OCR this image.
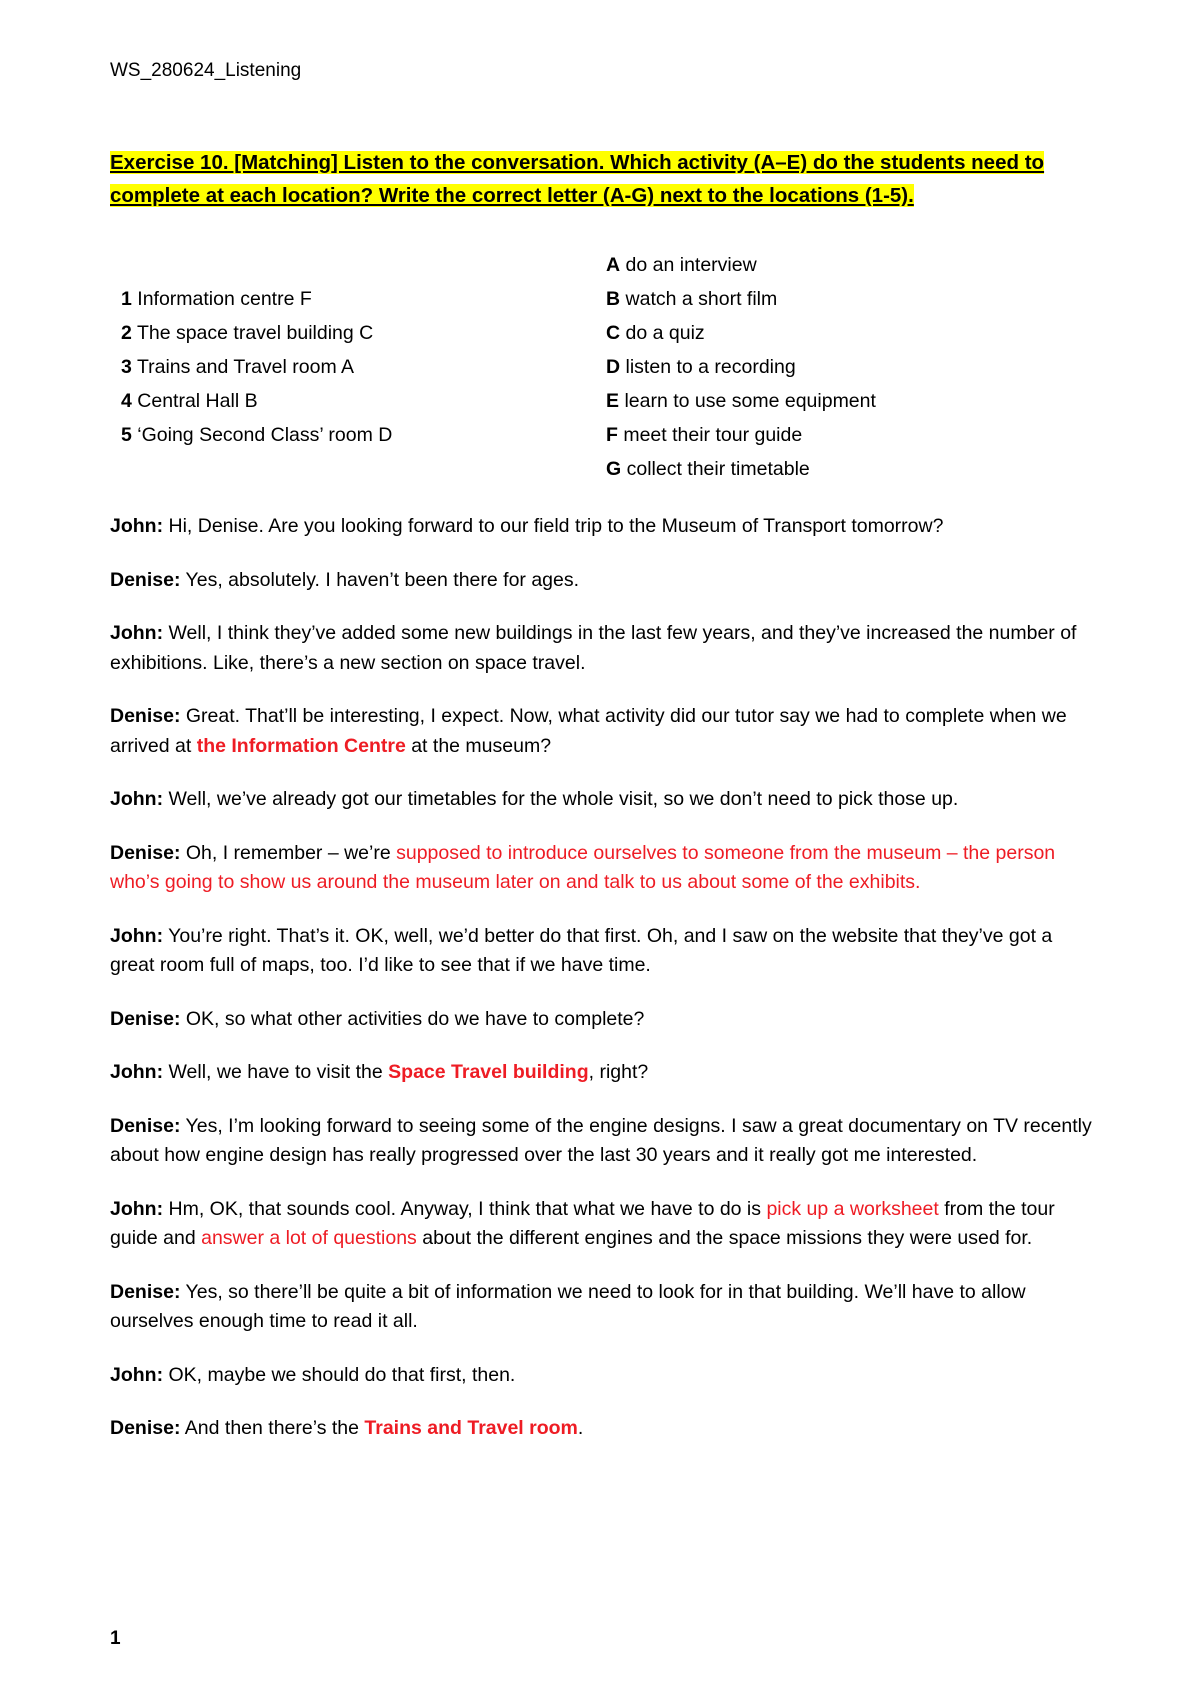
WS_280624_Listening
Exercise 10. [Matching] Listen to the conversation. Which activity (A–E) do the students need to
complete at each location? Write the correct letter (A-G) next to the locations (1-5).
1 Information centre F
2 The space travel building C
3 Trains and Travel room A
4 Central Hall B
5 ‘Going Second Class’ room D
A do an interview
B watch a short film
C do a quiz
D listen to a recording
E learn to use some equipment
F meet their tour guide
G collect their timetable

John: Hi, Denise. Are you looking forward to our field trip to the Museum of Transport tomorrow?

Denise: Yes, absolutely. I haven’t been there for ages.

John: Well, I think they’ve added some new buildings in the last few years, and they’ve increased the number of exhibitions. Like, there’s a new section on space travel.

Denise: Great. That’ll be interesting, I expect. Now, what activity did our tutor say we had to complete when we arrived at the Information Centre at the museum?

John: Well, we’ve already got our timetables for the whole visit, so we don’t need to pick those up.

Denise: Oh, I remember – we’re supposed to introduce ourselves to someone from the museum – the person who’s going to show us around the museum later on and talk to us about some of the exhibits.

John: You’re right. That’s it. OK, well, we’d better do that first. Oh, and I saw on the website that they’ve got a great room full of maps, too. I’d like to see that if we have time.

Denise: OK, so what other activities do we have to complete?

John: Well, we have to visit the Space Travel building, right?

Denise: Yes, I’m looking forward to seeing some of the engine designs. I saw a great documentary on TV recently about how engine design has really progressed over the last 30 years and it really got me interested.

John: Hm, OK, that sounds cool. Anyway, I think that what we have to do is pick up a worksheet from the tour guide and answer a lot of questions about the different engines and the space missions they were used for.

Denise: Yes, so there’ll be quite a bit of information we need to look for in that building. We’ll have to allow ourselves enough time to read it all.

John: OK, maybe we should do that first, then.

Denise: And then there’s the Trains and Travel room.

1
